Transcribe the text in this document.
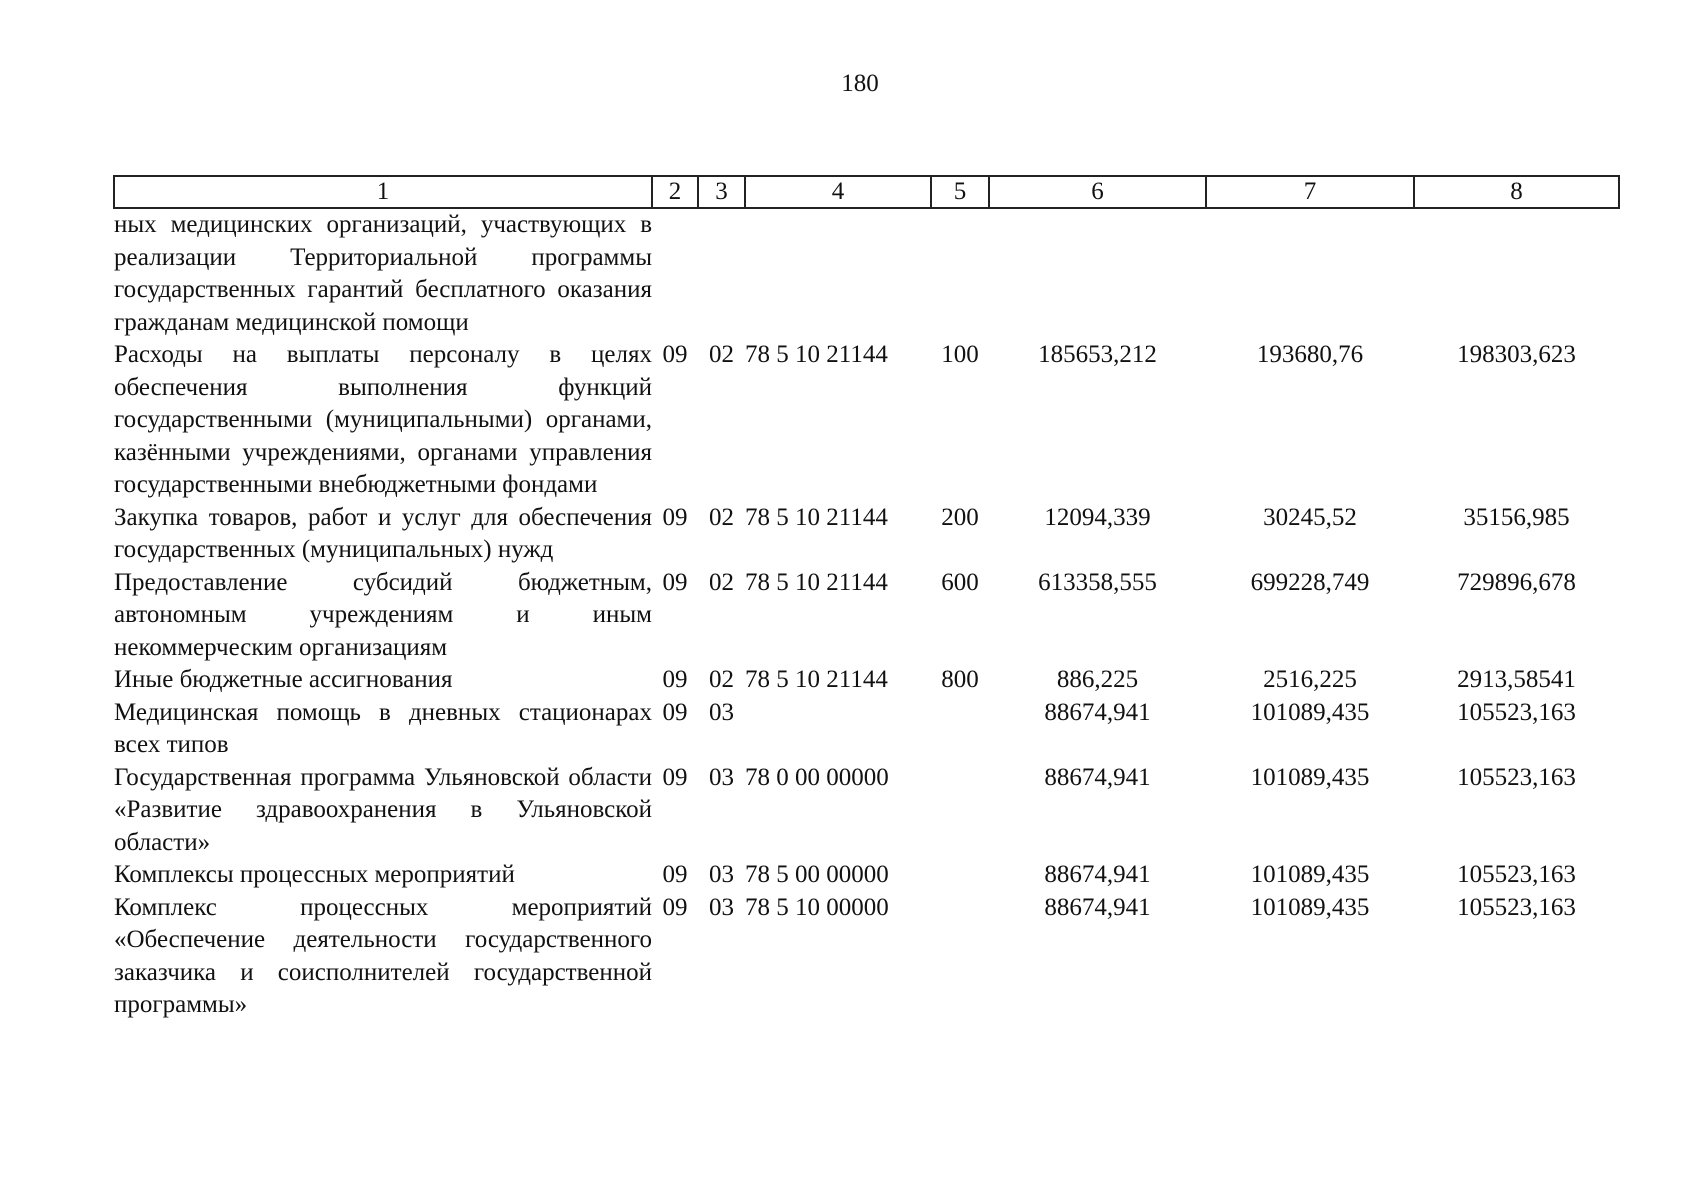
180
1	2	3	4	5	6	7	8
ных медицинских организаций, участвующих в реализации Территориальной программы государственных гарантий бесплатного оказания гражданам медицинской помощи							
Расходы на выплаты персоналу в целях обеспечения выполнения функций государственными (муниципальными) органами, казёнными учреждениями, органами управления государственными внебюджетными фондами	09	02	78 5 10 21144	100	185653,212	193680,76	198303,623
Закупка товаров, работ и услуг для обеспечения государственных (муниципальных) нужд	09	02	78 5 10 21144	200	12094,339	30245,52	35156,985
Предоставление субсидий бюджетным, автономным учреждениям и иным некоммерческим организациям	09	02	78 5 10 21144	600	613358,555	699228,749	729896,678
Иные бюджетные ассигнования	09	02	78 5 10 21144	800	886,225	2516,225	2913,58541
Медицинская помощь в дневных стационарах всех типов	09	03			88674,941	101089,435	105523,163
Государственная программа Ульяновской области «Развитие здравоохранения в Ульяновской области»	09	03	78 0 00 00000		88674,941	101089,435	105523,163
Комплексы процессных мероприятий	09	03	78 5 00 00000		88674,941	101089,435	105523,163
Комплекс процессных мероприятий «Обеспечение деятельности государственного заказчика и соисполнителей государственной программы»	09	03	78 5 10 00000		88674,941	101089,435	105523,163
